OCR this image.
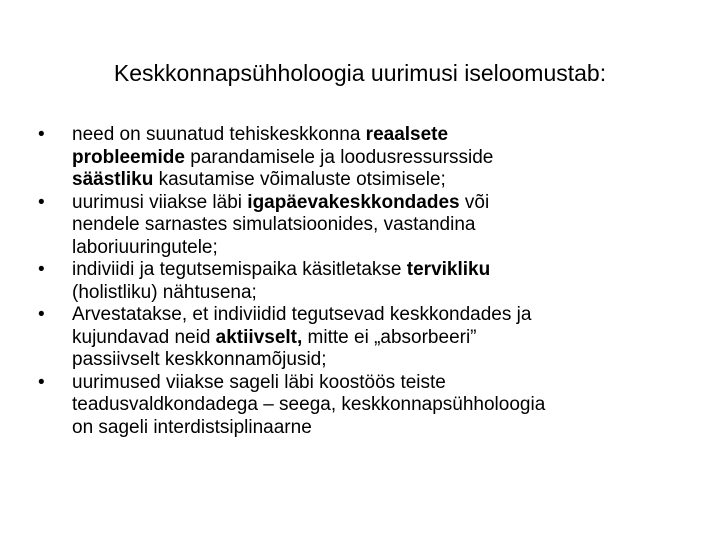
Keskkonnapsühholoogia uurimusi iseloomustab:
•	need on suunatud tehiskeskkonna reaalsete
probleemide parandamisele ja loodusressursside
säästliku kasutamise võimaluste otsimisele;
•	uurimusi viiakse läbi igapäevakeskkondades või
nendele sarnastes simulatsioonides, vastandina
laboriuuringutele;
•	indiviidi ja tegutsemispaika käsitletakse tervikliku
(holistliku) nähtusena;
•	Arvestatakse, et indiviidid tegutsevad keskkondades ja
kujundavad neid aktiivselt, mitte ei „absorbeeri”
passiivselt keskkonnamõjusid;
•	uurimused viiakse sageli läbi koostöös teiste
teadusvaldkondadega – seega, keskkonnapsühholoogia
on sageli interdistsiplinaarne
